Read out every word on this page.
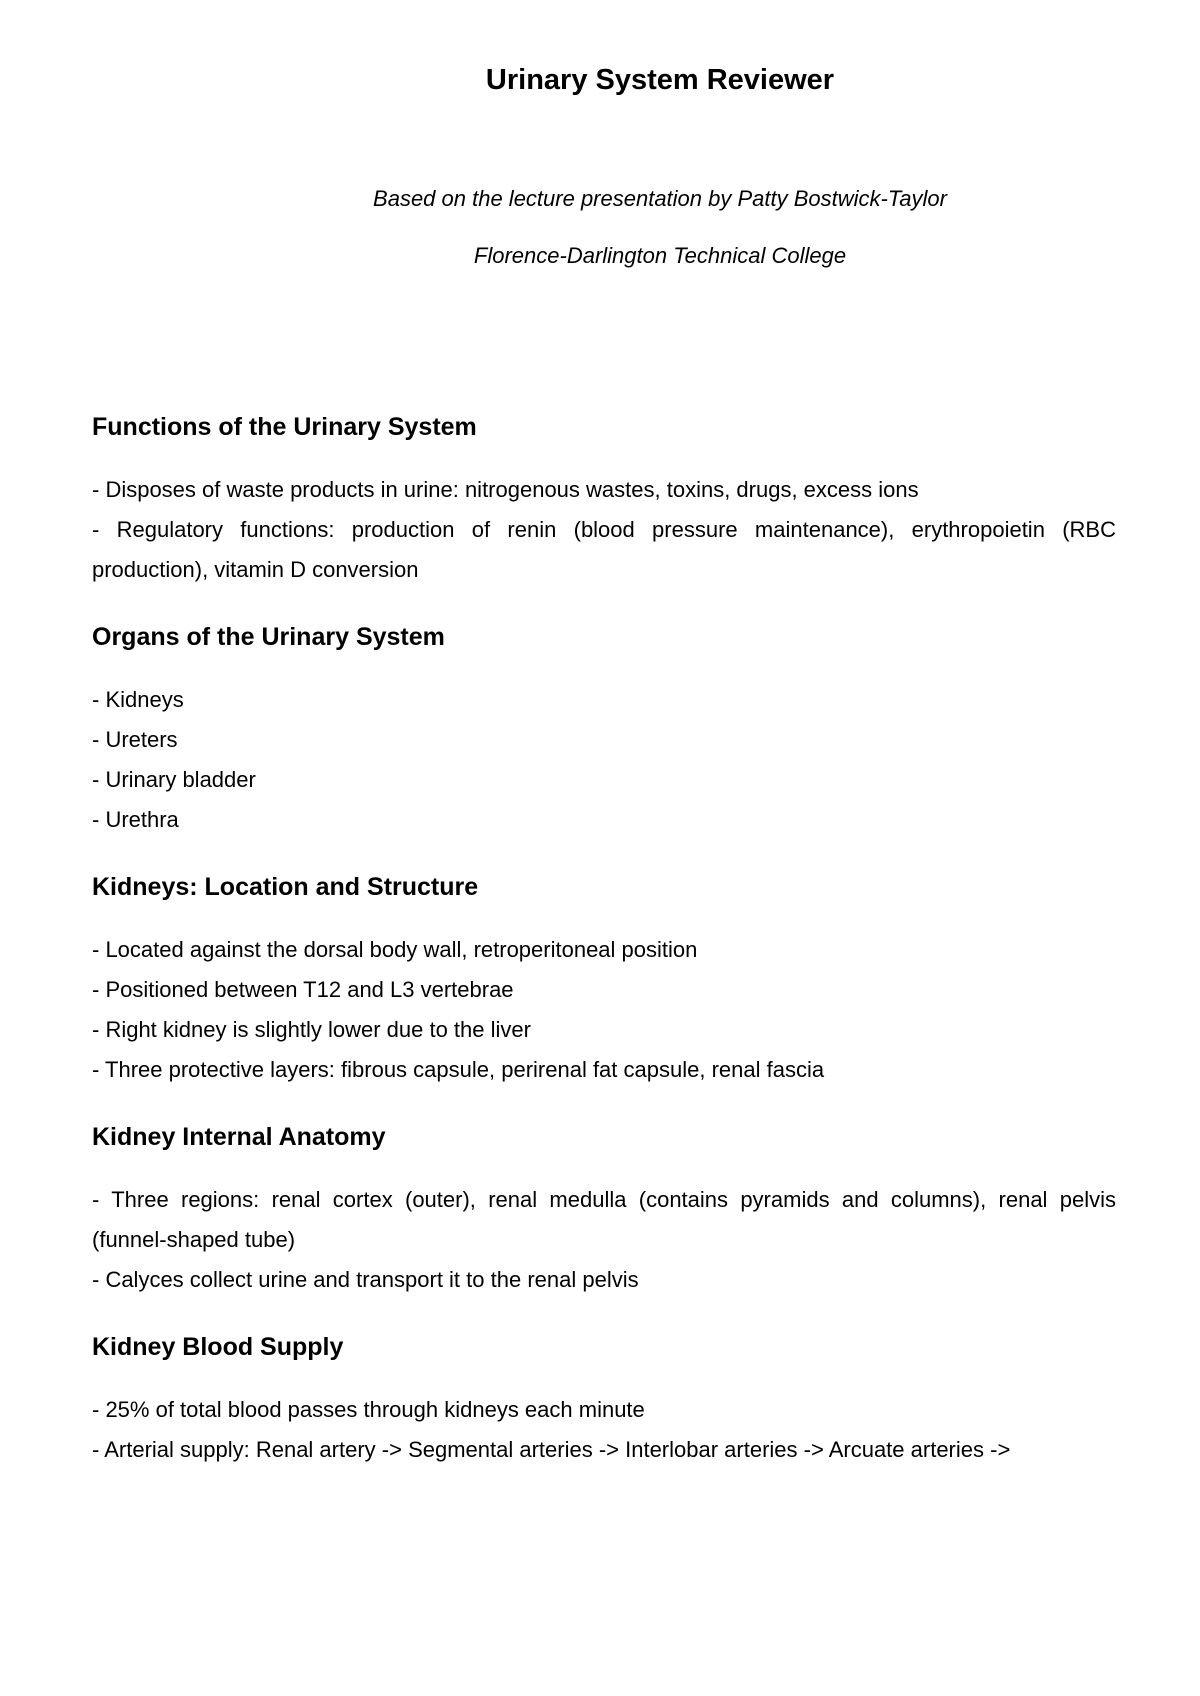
Urinary System Reviewer

Based on the lecture presentation by Patty Bostwick-Taylor

Florence-Darlington Technical College

Functions of the Urinary System
- Disposes of waste products in urine: nitrogenous wastes, toxins, drugs, excess ions
- Regulatory functions: production of renin (blood pressure maintenance), erythropoietin (RBC production), vitamin D conversion
Organs of the Urinary System
- Kidneys
- Ureters
- Urinary bladder
- Urethra
Kidneys: Location and Structure
- Located against the dorsal body wall, retroperitoneal position
- Positioned between T12 and L3 vertebrae
- Right kidney is slightly lower due to the liver
- Three protective layers: fibrous capsule, perirenal fat capsule, renal fascia
Kidney Internal Anatomy
- Three regions: renal cortex (outer), renal medulla (contains pyramids and columns), renal pelvis (funnel-shaped tube)
- Calyces collect urine and transport it to the renal pelvis
Kidney Blood Supply
- 25% of total blood passes through kidneys each minute
- Arterial supply: Renal artery -> Segmental arteries -> Interlobar arteries -> Arcuate arteries ->
